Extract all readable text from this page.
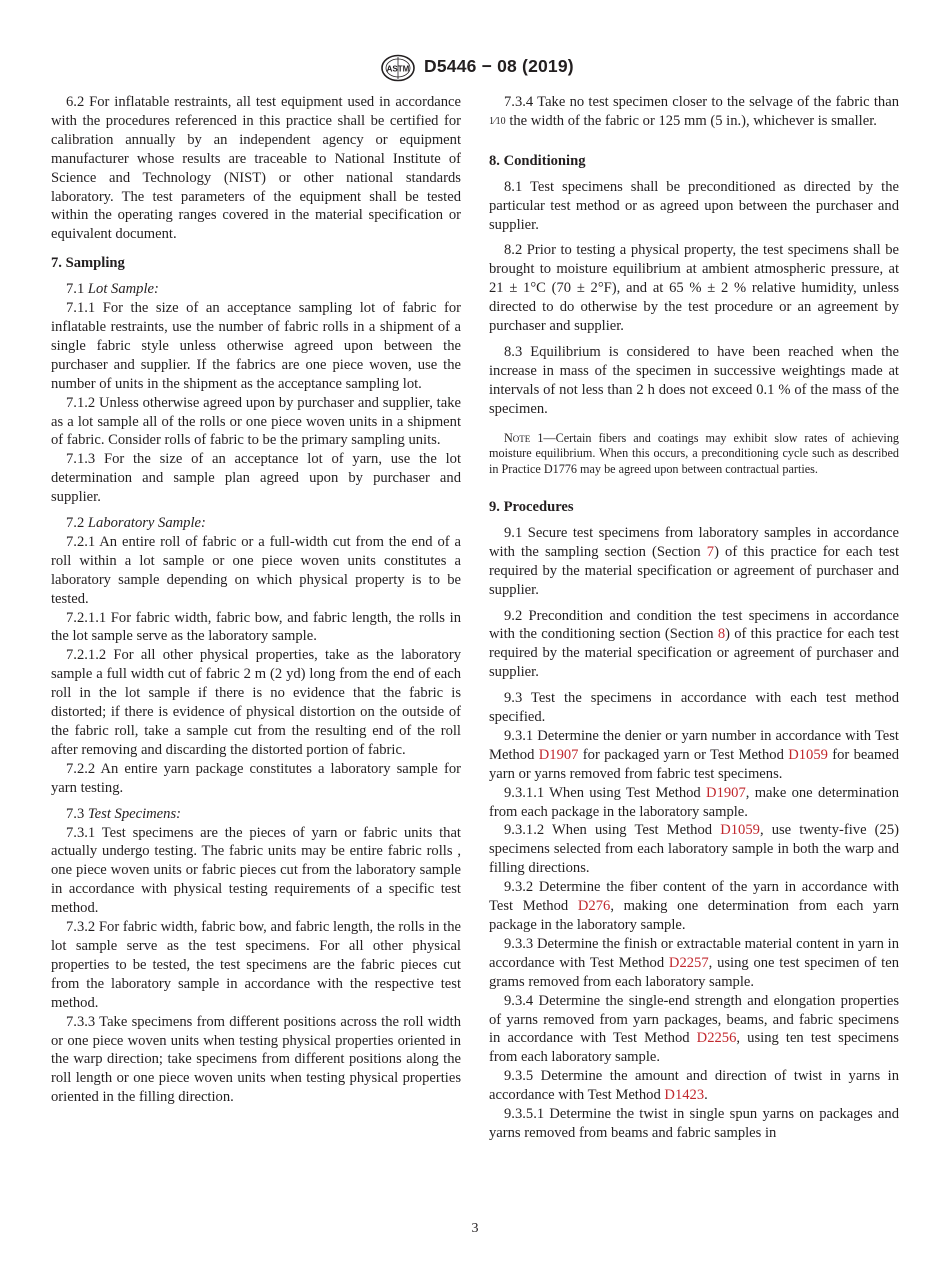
ASTM D5446 − 08 (2019)

6.2 For inflatable restraints, all test equipment used in accordance with the procedures referenced in this practice shall be certified for calibration annually by an independent agency or equipment manufacturer whose results are traceable to National Institute of Science and Technology (NIST) or other national standards laboratory. The test parameters of the equipment shall be tested within the operating ranges covered in the material specification or equivalent document.

7. Sampling

7.1 Lot Sample:

7.1.1 For the size of an acceptance sampling lot of fabric for inflatable restraints, use the number of fabric rolls in a shipment of a single fabric style unless otherwise agreed upon between the purchaser and supplier. If the fabrics are one piece woven, use the number of units in the shipment as the acceptance sampling lot.

7.1.2 Unless otherwise agreed upon by purchaser and supplier, take as a lot sample all of the rolls or one piece woven units in a shipment of fabric. Consider rolls of fabric to be the primary sampling units.

7.1.3 For the size of an acceptance lot of yarn, use the lot determination and sample plan agreed upon by purchaser and supplier.

7.2 Laboratory Sample:

7.2.1 An entire roll of fabric or a full-width cut from the end of a roll within a lot sample or one piece woven units constitutes a laboratory sample depending on which physical property is to be tested.

7.2.1.1 For fabric width, fabric bow, and fabric length, the rolls in the lot sample serve as the laboratory sample.

7.2.1.2 For all other physical properties, take as the laboratory sample a full width cut of fabric 2 m (2 yd) long from the end of each roll in the lot sample if there is no evidence that the fabric is distorted; if there is evidence of physical distortion on the outside of the fabric roll, take a sample cut from the resulting end of the roll after removing and discarding the distorted portion of fabric.

7.2.2 An entire yarn package constitutes a laboratory sample for yarn testing.

7.3 Test Specimens:

7.3.1 Test specimens are the pieces of yarn or fabric units that actually undergo testing. The fabric units may be entire fabric rolls , one piece woven units or fabric pieces cut from the laboratory sample in accordance with physical testing requirements of a specific test method.

7.3.2 For fabric width, fabric bow, and fabric length, the rolls in the lot sample serve as the test specimens. For all other physical properties to be tested, the test specimens are the fabric pieces cut from the laboratory sample in accordance with the respective test method.

7.3.3 Take specimens from different positions across the roll width or one piece woven units when testing physical properties oriented in the warp direction; take specimens from different positions along the roll length or one piece woven units when testing physical properties oriented in the filling direction.

7.3.4 Take no test specimen closer to the selvage of the fabric than 1⁄10 the width of the fabric or 125 mm (5 in.), whichever is smaller.

8. Conditioning

8.1 Test specimens shall be preconditioned as directed by the particular test method or as agreed upon between the purchaser and supplier.

8.2 Prior to testing a physical property, the test specimens shall be brought to moisture equilibrium at ambient atmospheric pressure, at 21 ± 1°C (70 ± 2°F), and at 65 % ± 2 % relative humidity, unless directed to do otherwise by the test procedure or an agreement by purchaser and supplier.

8.3 Equilibrium is considered to have been reached when the increase in mass of the specimen in successive weightings made at intervals of not less than 2 h does not exceed 0.1 % of the mass of the specimen.

Note 1—Certain fibers and coatings may exhibit slow rates of achieving moisture equilibrium. When this occurs, a preconditioning cycle such as described in Practice D1776 may be agreed upon between contractual parties.

9. Procedures

9.1 Secure test specimens from laboratory samples in accordance with the sampling section (Section 7) of this practice for each test required by the material specification or agreement of purchaser and supplier.

9.2 Precondition and condition the test specimens in accordance with the conditioning section (Section 8) of this practice for each test required by the material specification or agreement of purchaser and supplier.

9.3 Test the specimens in accordance with each test method specified.

9.3.1 Determine the denier or yarn number in accordance with Test Method D1907 for packaged yarn or Test Method D1059 for beamed yarn or yarns removed from fabric test specimens.

9.3.1.1 When using Test Method D1907, make one determination from each package in the laboratory sample.

9.3.1.2 When using Test Method D1059, use twenty-five (25) specimens selected from each laboratory sample in both the warp and filling directions.

9.3.2 Determine the fiber content of the yarn in accordance with Test Method D276, making one determination from each yarn package in the laboratory sample.

9.3.3 Determine the finish or extractable material content in yarn in accordance with Test Method D2257, using one test specimen of ten grams removed from each laboratory sample.

9.3.4 Determine the single-end strength and elongation properties of yarns removed from yarn packages, beams, and fabric specimens in accordance with Test Method D2256, using ten test specimens from each laboratory sample.

9.3.5 Determine the amount and direction of twist in yarns in accordance with Test Method D1423.

9.3.5.1 Determine the twist in single spun yarns on packages and yarns removed from beams and fabric samples in

3
